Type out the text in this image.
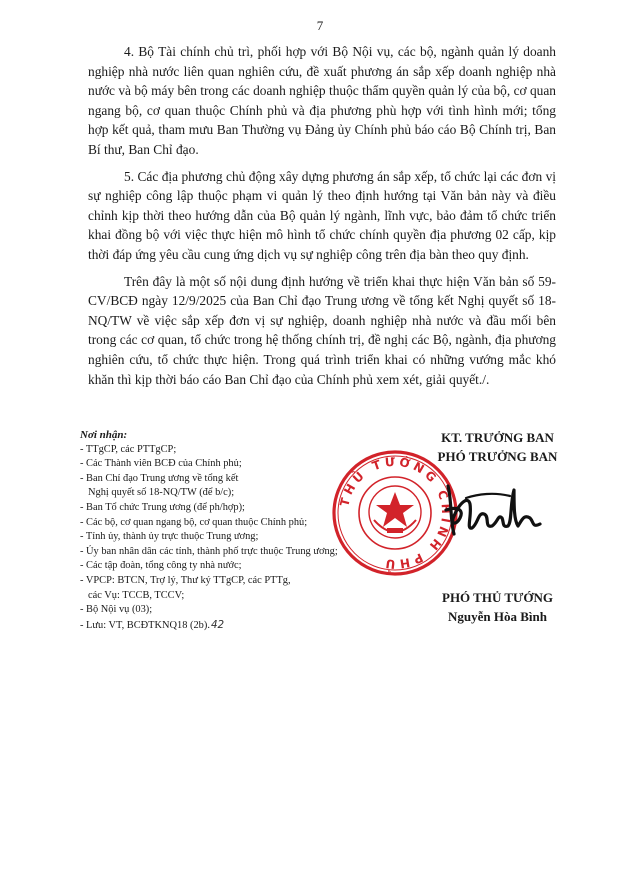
7

4. Bộ Tài chính chủ trì, phối hợp với Bộ Nội vụ, các bộ, ngành quản lý doanh nghiệp nhà nước liên quan nghiên cứu, đề xuất phương án sắp xếp doanh nghiệp nhà nước và bộ máy bên trong các doanh nghiệp thuộc thẩm quyền quản lý của bộ, cơ quan ngang bộ, cơ quan thuộc Chính phủ và địa phương phù hợp với tình hình mới; tổng hợp kết quả, tham mưu Ban Thường vụ Đảng ủy Chính phủ báo cáo Bộ Chính trị, Ban Bí thư, Ban Chỉ đạo.

5. Các địa phương chủ động xây dựng phương án sắp xếp, tổ chức lại các đơn vị sự nghiệp công lập thuộc phạm vi quản lý theo định hướng tại Văn bản này và điều chỉnh kịp thời theo hướng dẫn của Bộ quản lý ngành, lĩnh vực, bảo đảm tổ chức triển khai đồng bộ với việc thực hiện mô hình tổ chức chính quyền địa phương 02 cấp, kịp thời đáp ứng yêu cầu cung ứng dịch vụ sự nghiệp công trên địa bàn theo quy định.

Trên đây là một số nội dung định hướng về triển khai thực hiện Văn bản số 59-CV/BCĐ ngày 12/9/2025 của Ban Chỉ đạo Trung ương về tổng kết Nghị quyết số 18-NQ/TW về việc sắp xếp đơn vị sự nghiệp, doanh nghiệp nhà nước và đầu mối bên trong các cơ quan, tổ chức trong hệ thống chính trị, đề nghị các Bộ, ngành, địa phương nghiên cứu, tổ chức thực hiện. Trong quá trình triển khai có những vướng mắc khó khăn thì kịp thời báo cáo Ban Chỉ đạo của Chính phủ xem xét, giải quyết./.

Nơi nhận:
- TTgCP, các PTTgCP;
- Các Thành viên BCĐ của Chính phủ;
- Ban Chỉ đạo Trung ương về tổng kết
Nghị quyết số 18-NQ/TW (để b/c);
- Ban Tổ chức Trung ương (để ph/hợp);
- Các bộ, cơ quan ngang bộ, cơ quan thuộc Chính phủ;
- Tỉnh ủy, thành ủy trực thuộc Trung ương;
- Ủy ban nhân dân các tỉnh, thành phố trực thuộc Trung ương;
- Các tập đoàn, tổng công ty nhà nước;
- VPCP: BTCN, Trợ lý, Thư ký TTgCP, các PTTg,
các Vụ: TCCB, TCCV;
- Bộ Nội vụ (03);
- Lưu: VT, BCĐTKNQ18 (2b).42
THỦ TƯỚNG CHÍNH PHỦ
KT. TRƯỞNG BAN
PHÓ TRƯỞNG BAN
PHÓ THỦ TƯỚNG
Nguyễn Hòa Bình
